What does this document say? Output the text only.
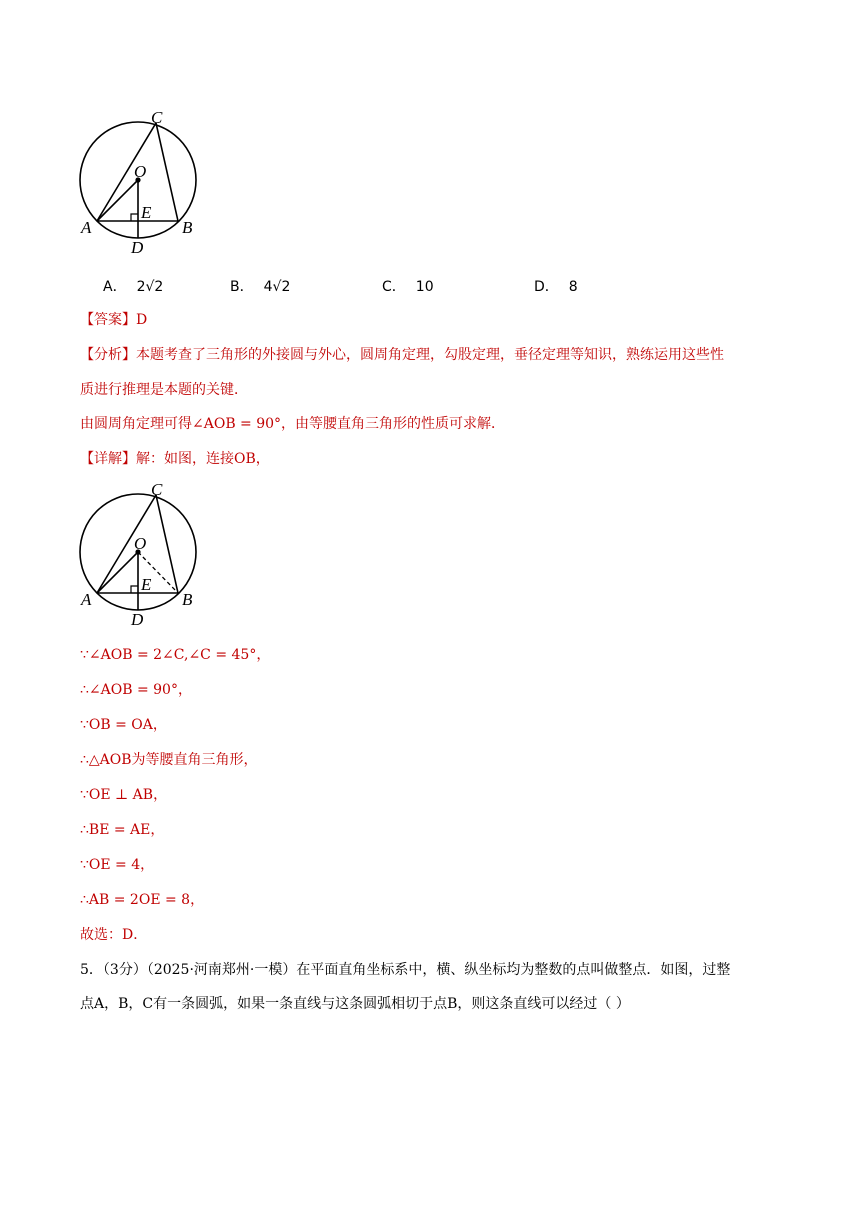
C
O
E
A	B
D
A． 2√2	B． 4√2	C． 10	D． 8
【答案】D
【分析】本题考查了三角形的外接圆与外心，圆周角定理，勾股定理，垂径定理等知识，熟练运用这些性
质进行推理是本题的关键．
由圆周角定理可得∠AOB = 90°，由等腰直角三角形的性质可求解．
【详解】解：如图，连接OB，
C
O
E
A	B
D
∵∠AOB = 2∠C,∠C = 45°，
∴∠AOB = 90°，
∵OB = OA，
∴△AOB为等腰直角三角形，
∵OE ⊥ AB，
∴BE = AE，
∵OE = 4，
∴AB = 2OE = 8，
故选：D．
5．（3分）（2025·河南郑州·一模）在平面直角坐标系中，横、纵坐标均为整数的点叫做整点．如图，过整
点A，B，C有一条圆弧，如果一条直线与这条圆弧相切于点B，则这条直线可以经过（ ）
